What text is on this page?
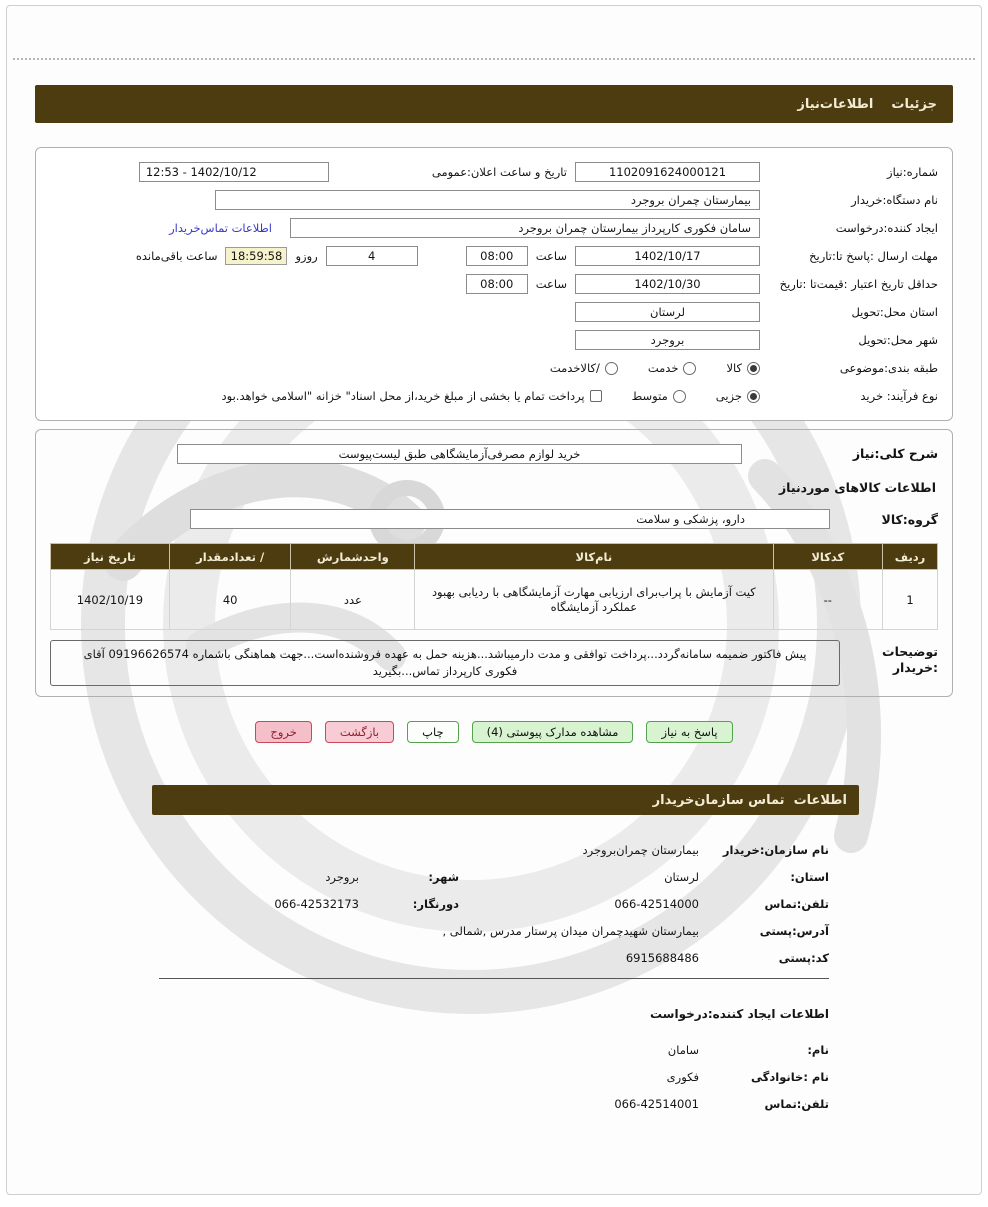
جزئیات    اطلاعات‌نیاز
شماره:نیاز
1102091624000121
تاریخ و ساعت اعلان:عمومی
12:53 - 1402/10/12
نام دستگاه:خریدار
بیمارستان چمران بروجرد
ایجاد کننده:درخواست
سامان فکوری کارپرداز بیمارستان چمران بروجرد
اطلاعات تماس‌خریدار
مهلت ارسال :پاسخ تا:تاریخ
1402/10/17
ساعت
08:00
4
روزو
18:59:58
ساعت باقی‌مانده
حداقل تاریخ اعتبار :قیمت‌تا :تاریخ
1402/10/30
ساعت
08:00
استان محل:تحویل
لرستان
شهر محل:تحویل
بروجرد
طبقه بندی:موضوعی
کالا
خدمت
/کالاخدمت
نوع فرآیند: خرید
جزیی
متوسط
پرداخت تمام یا بخشی از مبلغ خرید،از محل اسناد" خزانه "اسلامی خواهد.بود
شرح کلی:نیاز
خرید لوازم مصرفی‌آزمایشگاهی طبق لیست‌پیوست
اطلاعات کالاهای موردنیاز
گروه:کالا
دارو، پزشکی و سلامت
ردیف	کدکالا	نام‌کالا	واحدشمارش	/ تعدادمقدار	تاریخ نیاز
1	--	کیت آزمایش با پراب‌برای ارزیابی مهارت آزمایشگاهی با ردیابی بهبود عملکرد آزمایشگاه	عدد	40	1402/10/19
توضیحات :خریدار
پیش فاکتور ضمیمه سامانه‌گردد...پرداخت توافقی و مدت دارمیباشد...هزینه حمل به عهده فروشنده‌است...جهت هماهنگی باشماره 09196626574 آقای فکوری کارپرداز تماس...بگیرید
پاسخ به نیاز
مشاهده مدارک پیوستی (4)
چاپ
بازگشت
خروج
اطلاعات  تماس سازمان‌خریدار
نام سازمان:خریدار
بیمارستان چمران‌بروجرد
استان:
لرستان
شهر:
بروجرد
تلفن:تماس
066-42514000
دورنگار:
066-42532173
آدرس:پستی
بیمارستان شهیدچمران میدان پرستار مدرس ,شمالی ,
کد:پستی
6915688486
اطلاعات ایجاد کننده:درخواست
نام:
سامان
نام :خانوادگی
فکوری
تلفن:تماس
066-42514001
